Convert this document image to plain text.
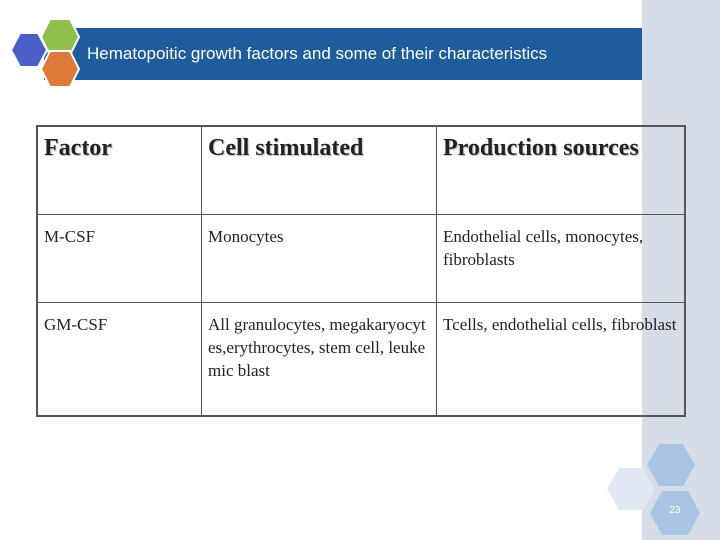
Hematopoitic growth factors and some of their characteristics
Factor	Cell stimulated	Production sources
M-CSF	Monocytes	Endothelial cells, monocytes, fibroblasts
GM-CSF	All granulocytes, megakaryocytes,erythrocytes, stem cell, leukemic blast	Tcells, endothelial cells, fibroblast
23
